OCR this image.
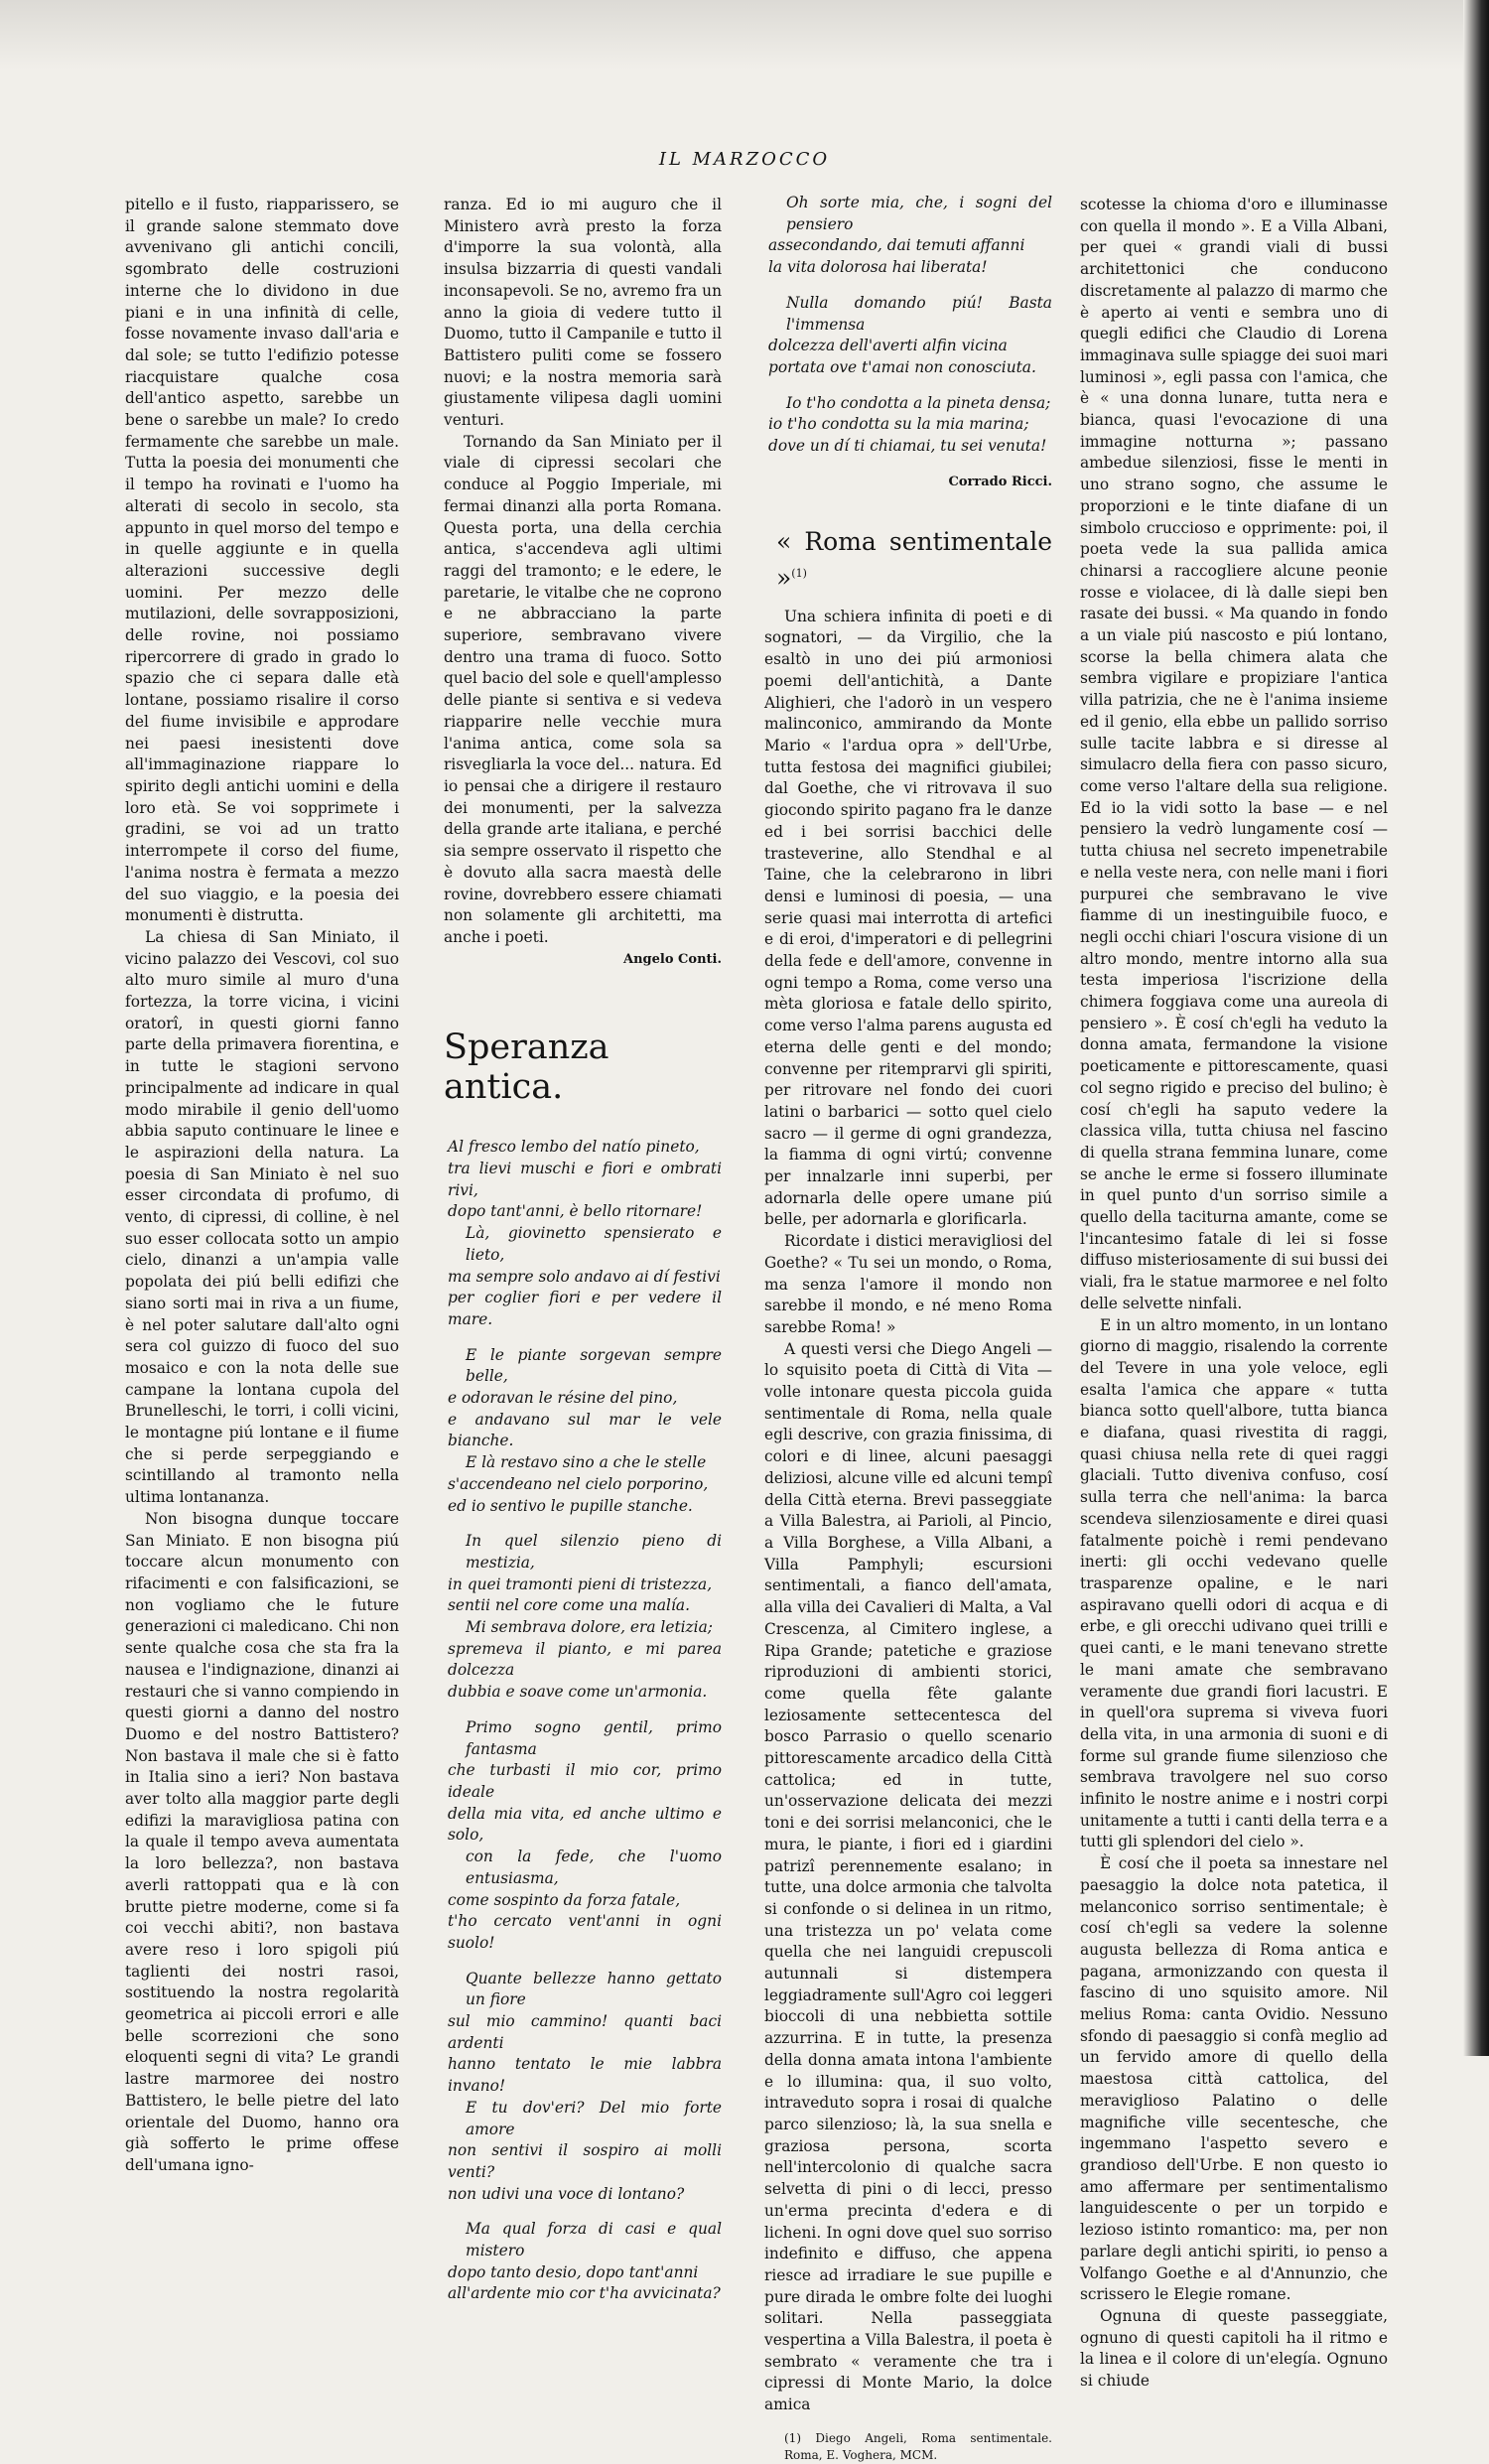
IL MARZOCCO

pitello e il fusto, riapparissero, se il grande salone stemmato dove avvenivano gli antichi concili, sgombrato delle costruzioni interne che lo dividono in due piani e in una infinità di celle, fosse novamente invaso dall'aria e dal sole; se tutto l'edifizio potesse riacquistare qualche cosa dell'antico aspetto, sarebbe un bene o sarebbe un male? Io credo fermamente che sarebbe un male. Tutta la poesia dei monumenti che il tempo ha rovinati e l'uomo ha alterati di secolo in secolo, sta appunto in quel morso del tempo e in quelle aggiunte e in quella alterazioni successive degli uomini. Per mezzo delle mutilazioni, delle sovrapposizioni, delle rovine, noi possiamo ripercorrere di grado in grado lo spazio che ci separa dalle età lontane, possiamo risalire il corso del fiume invisibile e approdare nei paesi inesistenti dove all'immaginazione riappare lo spirito degli antichi uomini e della loro età. Se voi sopprimete i gradini, se voi ad un tratto interrompete il corso del fiume, l'anima nostra è fermata a mezzo del suo viaggio, e la poesia dei monumenti è distrutta.

La chiesa di San Miniato, il vicino palazzo dei Vescovi, col suo alto muro simile al muro d'una fortezza, la torre vicina, i vicini oratorî, in questi giorni fanno parte della primavera fiorentina, e in tutte le stagioni servono principalmente ad indicare in qual modo mirabile il genio dell'uomo abbia saputo continuare le linee e le aspirazioni della natura. La poesia di San Miniato è nel suo esser circondata di profumo, di vento, di cipressi, di colline, è nel suo esser collocata sotto un ampio cielo, dinanzi a un'ampia valle popolata dei piú belli edifizi che siano sorti mai in riva a un fiume, è nel poter salutare dall'alto ogni sera col guizzo di fuoco del suo mosaico e con la nota delle sue campane la lontana cupola del Brunelleschi, le torri, i colli vicini, le montagne piú lontane e il fiume che si perde serpeggiando e scintillando al tramonto nella ultima lontananza.

Non bisogna dunque toccare San Miniato. E non bisogna piú toccare alcun monumento con rifacimenti e con falsificazioni, se non vogliamo che le future generazioni ci maledicano. Chi non sente qualche cosa che sta fra la nausea e l'indignazione, dinanzi ai restauri che si vanno compiendo in questi giorni a danno del nostro Duomo e del nostro Battistero? Non bastava il male che si è fatto in Italia sino a ieri? Non bastava aver tolto alla maggior parte degli edifizi la maravigliosa patina con la quale il tempo aveva aumentata la loro bellezza?, non bastava averli rattoppati qua e là con brutte pietre moderne, come si fa coi vecchi abiti?, non bastava avere reso i loro spigoli piú taglienti dei nostri rasoi, sostituendo la nostra regolarità geometrica ai piccoli errori e alle belle scorrezioni che sono eloquenti segni di vita? Le grandi lastre marmoree dei nostro Battistero, le belle pietre del lato orientale del Duomo, hanno ora già sofferto le prime offese dell'umana igno-

ranza. Ed io mi auguro che il Ministero avrà presto la forza d'imporre la sua volontà, alla insulsa bizzarria di questi vandali inconsapevoli. Se no, avremo fra un anno la gioia di vedere tutto il Duomo, tutto il Campanile e tutto il Battistero puliti come se fossero nuovi; e la nostra memoria sarà giustamente vilipesa dagli uomini venturi.

Tornando da San Miniato per il viale di cipressi secolari che conduce al Poggio Imperiale, mi fermai dinanzi alla porta Romana. Questa porta, una della cerchia antica, s'accendeva agli ultimi raggi del tramonto; e le edere, le paretarie, le vitalbe che ne coprono e ne abbracciano la parte superiore, sembravano vivere dentro una trama di fuoco. Sotto quel bacio del sole e quell'amplesso delle piante si sentiva e si vedeva riapparire nelle vecchie mura l'anima antica, come sola sa risvegliarla la voce del... natura. Ed io pensai che a dirigere il restauro dei monumenti, per la salvezza della grande arte italiana, e perché sia sempre osservato il rispetto che è dovuto alla sacra maestà delle rovine, dovrebbero essere chiamati non solamente gli architetti, ma anche i poeti.

Angelo Conti.

Speranza antica.
Al fresco lembo del natío pineto,
tra lievi muschi e fiori e ombrati rivi,
dopo tant'anni, è bello ritornare!
Là, giovinetto spensierato e lieto,
ma sempre solo andavo ai dí festivi
per coglier fiori e per vedere il mare.
E le piante sorgevan sempre belle,
e odoravan le résine del pino,
e andavano sul mar le vele bianche.
E là restavo sino a che le stelle
s'accendeano nel cielo porporino,
ed io sentivo le pupille stanche.
In quel silenzio pieno di mestizia,
in quei tramonti pieni di tristezza,
sentii nel core come una malía.
Mi sembrava dolore, era letizia;
spremeva il pianto, e mi parea dolcezza
dubbia e soave come un'armonia.
Primo sogno gentil, primo fantasma
che turbasti il mio cor, primo ideale
della mia vita, ed anche ultimo e solo,
con la fede, che l'uomo entusiasma,
come sospinto da forza fatale,
t'ho cercato vent'anni in ogni suolo!
Quante bellezze hanno gettato un fiore
sul mio cammino! quanti baci ardenti
hanno tentato le mie labbra invano!
E tu dov'eri? Del mio forte amore
non sentivi il sospiro ai molli venti?
non udivi una voce di lontano?
Ma qual forza di casi e qual mistero
dopo tanto desio, dopo tant'anni
all'ardente mio cor t'ha avvicinata?
Oh sorte mia, che, i sogni del pensiero
assecondando, dai temuti affanni
la vita dolorosa hai liberata!
Nulla domando piú! Basta l'immensa
dolcezza dell'averti alfin vicina
portata ove t'amai non conosciuta.
Io t'ho condotta a la pineta densa;
io t'ho condotta su la mia marina;
dove un dí ti chiamai, tu sei venuta!

Corrado Ricci.

« Roma sentimentale »$^{(1)}$

Una schiera infinita di poeti e di sognatori, — da Virgilio, che la esaltò in uno dei piú armoniosi poemi dell'antichità, a Dante Alighieri, che l'adorò in un vespero malinconico, ammirando da Monte Mario « l'ardua opra » dell'Urbe, tutta festosa dei magnifici giubilei; dal Goethe, che vi ritrovava il suo giocondo spirito pagano fra le danze ed i bei sorrisi bacchici delle trasteverine, allo Stendhal e al Taine, che la celebrarono in libri densi e luminosi di poesia, — una serie quasi mai interrotta di artefici e di eroi, d'imperatori e di pellegrini della fede e dell'amore, convenne in ogni tempo a Roma, come verso una mèta gloriosa e fatale dello spirito, come verso l'alma parens augusta ed eterna delle genti e del mondo; convenne per ritemprarvi gli spiriti, per ritrovare nel fondo dei cuori latini o barbarici — sotto quel cielo sacro — il germe di ogni grandezza, la fiamma di ogni virtú; convenne per innalzarle inni superbi, per adornarla delle opere umane piú belle, per adornarla e glorificarla.

Ricordate i distici meravigliosi del Goethe? « Tu sei un mondo, o Roma, ma senza l'amore il mondo non sarebbe il mondo, e né meno Roma sarebbe Roma! »

A questi versi che Diego Angeli — lo squisito poeta di Città di Vita — volle intonare questa piccola guida sentimentale di Roma, nella quale egli descrive, con grazia finissima, di colori e di linee, alcuni paesaggi deliziosi, alcune ville ed alcuni tempî della Città eterna. Brevi passeggiate a Villa Balestra, ai Parioli, al Pincio, a Villa Borghese, a Villa Albani, a Villa Pamphyli; escursioni sentimentali, a fianco dell'amata, alla villa dei Cavalieri di Malta, a Val Crescenza, al Cimitero inglese, a Ripa Grande; patetiche e graziose riproduzioni di ambienti storici, come quella fête galante leziosamente settecentesca del bosco Parrasio o quello scenario pittorescamente arcadico della Città cattolica; ed in tutte, un'osservazione delicata dei mezzi toni e dei sorrisi melanconici, che le mura, le piante, i fiori ed i giardini patrizî perennemente esalano; in tutte, una dolce armonia che talvolta si confonde o si delinea in un ritmo, una tristezza un po' velata come quella che nei languidi crepuscoli autunnali si distempera leggiadramente sull'Agro coi leggeri bioccoli di una nebbietta sottile azzurrina. E in tutte, la presenza della donna amata intona l'ambiente e lo illumina: qua, il suo volto, intraveduto sopra i rosai di qualche parco silenzioso; là, la sua snella e graziosa persona, scorta nell'intercolonio di qualche sacra selvetta di pini o di lecci, presso un'erma precinta d'edera e di licheni. In ogni dove quel suo sorriso indefinito e diffuso, che appena riesce ad irradiare le sue pupille e pure dirada le ombre folte dei luoghi solitari. Nella passeggiata vespertina a Villa Balestra, il poeta è sembrato « veramente che tra i cipressi di Monte Mario, la dolce amica

(1) Diego Angeli, Roma sentimentale. Roma, E. Voghera, MCM.

scotesse la chioma d'oro e illuminasse con quella il mondo ». E a Villa Albani, per quei « grandi viali di bussi architettonici che conducono discretamente al palazzo di marmo che è aperto ai venti e sembra uno di quegli edifici che Claudio di Lorena immaginava sulle spiagge dei suoi mari luminosi », egli passa con l'amica, che è « una donna lunare, tutta nera e bianca, quasi l'evocazione di una immagine notturna »; passano ambedue silenziosi, fisse le menti in uno strano sogno, che assume le proporzioni e le tinte diafane di un simbolo cruccioso e opprimente: poi, il poeta vede la sua pallida amica chinarsi a raccogliere alcune peonie rosse e violacee, di là dalle siepi ben rasate dei bussi. « Ma quando in fondo a un viale piú nascosto e piú lontano, scorse la bella chimera alata che sembra vigilare e propiziare l'antica villa patrizia, che ne è l'anima insieme ed il genio, ella ebbe un pallido sorriso sulle tacite labbra e si diresse al simulacro della fiera con passo sicuro, come verso l'altare della sua religione. Ed io la vidi sotto la base — e nel pensiero la vedrò lungamente cosí — tutta chiusa nel secreto impenetrabile e nella veste nera, con nelle mani i fiori purpurei che sembravano le vive fiamme di un inestinguibile fuoco, e negli occhi chiari l'oscura visione di un altro mondo, mentre intorno alla sua testa imperiosa l'iscrizione della chimera foggiava come una aureola di pensiero ». È cosí ch'egli ha veduto la donna amata, fermandone la visione poeticamente e pittorescamente, quasi col segno rigido e preciso del bulino; è cosí ch'egli ha saputo vedere la classica villa, tutta chiusa nel fascino di quella strana femmina lunare, come se anche le erme si fossero illuminate in quel punto d'un sorriso simile a quello della taciturna amante, come se l'incantesimo fatale di lei si fosse diffuso misteriosamente di sui bussi dei viali, fra le statue marmoree e nel folto delle selvette ninfali.

E in un altro momento, in un lontano giorno di maggio, risalendo la corrente del Tevere in una yole veloce, egli esalta l'amica che appare « tutta bianca sotto quell'albore, tutta bianca e diafana, quasi rivestita di raggi, quasi chiusa nella rete di quei raggi glaciali. Tutto diveniva confuso, cosí sulla terra che nell'anima: la barca scendeva silenziosamente e direi quasi fatalmente poichè i remi pendevano inerti: gli occhi vedevano quelle trasparenze opaline, e le nari aspiravano quelli odori di acqua e di erbe, e gli orecchi udivano quei trilli e quei canti, e le mani tenevano strette le mani amate che sembravano veramente due grandi fiori lacustri. E in quell'ora suprema si viveva fuori della vita, in una armonia di suoni e di forme sul grande fiume silenzioso che sembrava travolgere nel suo corso infinito le nostre anime e i nostri corpi unitamente a tutti i canti della terra e a tutti gli splendori del cielo ».

È cosí che il poeta sa innestare nel paesaggio la dolce nota patetica, il melanconico sorriso sentimentale; è cosí ch'egli sa vedere la solenne augusta bellezza di Roma antica e pagana, armonizzando con questa il fascino di uno squisito amore. Nil melius Roma: canta Ovidio. Nessuno sfondo di paesaggio si confà meglio ad un fervido amore di quello della maestosa città cattolica, del meraviglioso Palatino o delle magnifiche ville secentesche, che ingemmano l'aspetto severo e grandioso dell'Urbe. E non questo io amo affermare per sentimentalismo languidescente o per un torpido e lezioso istinto romantico: ma, per non parlare degli antichi spiriti, io penso a Volfango Goethe e al d'Annunzio, che scrissero le Elegie romane.

Ognuna di queste passeggiate, ognuno di questi capitoli ha il ritmo e la linea e il colore di un'elegía. Ognuno si chiude
